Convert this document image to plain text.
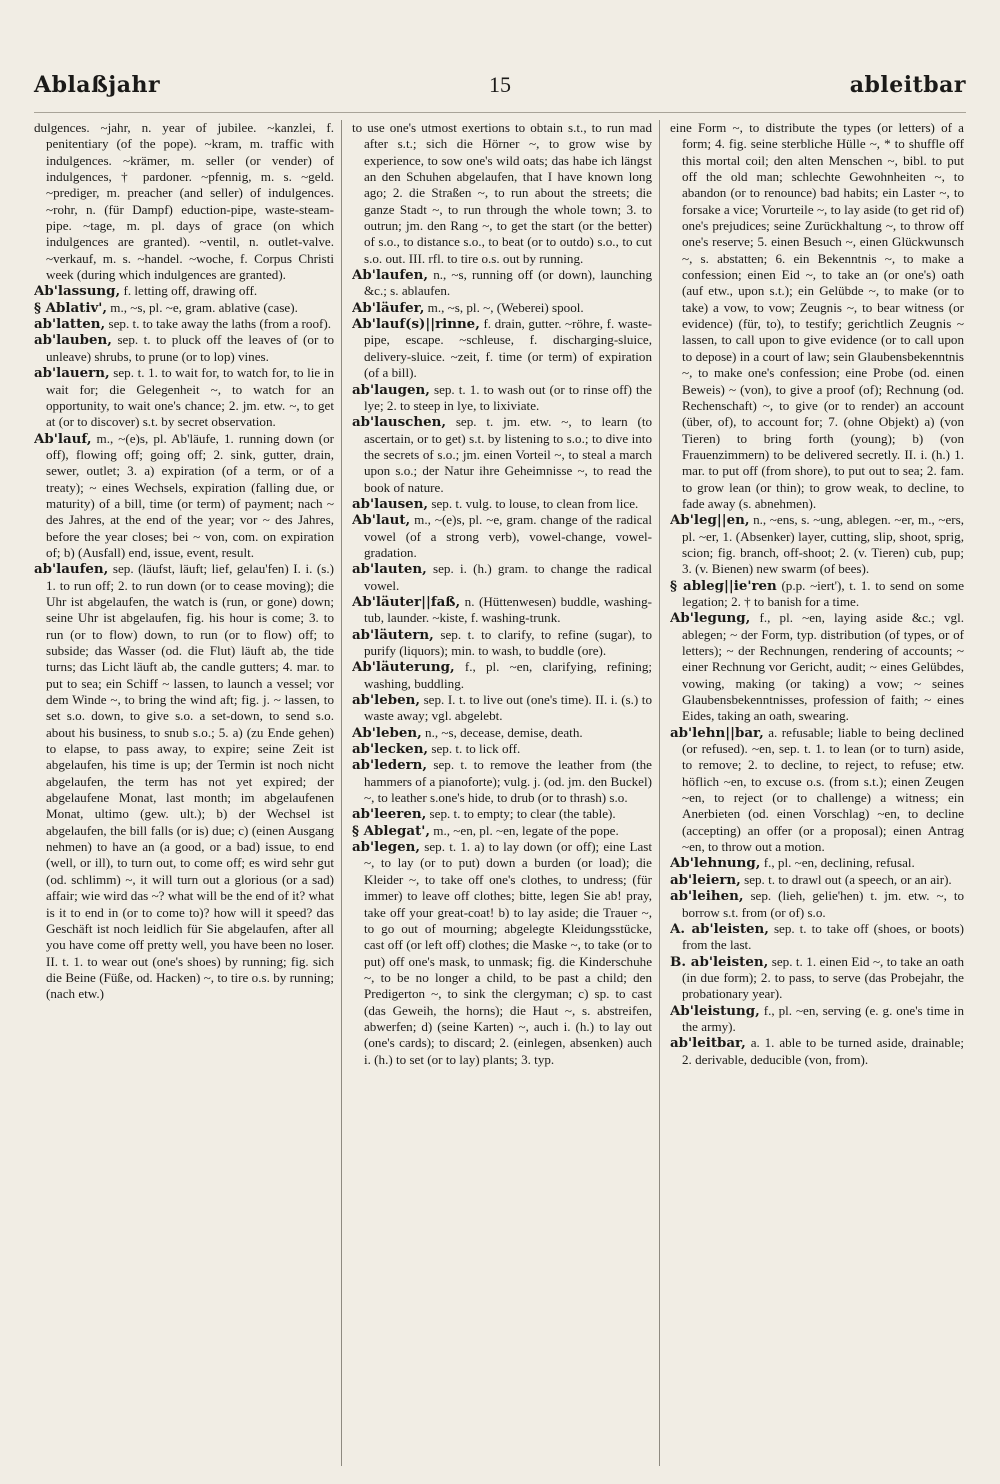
Ablaßjahr	15	ableitbar

dulgences. ~jahr, n. year of jubilee. ~kanzlei, f. penitentiary (of the pope). ~kram, m. traffic with indulgences. ~krämer, m. seller (or vender) of indulgences, † pardoner. ~pfennig, m. s. ~geld. ~prediger, m. preacher (and seller) of indulgences. ~rohr, n. (für Dampf) eduction-pipe, waste-steam-pipe. ~tage, m. pl. days of grace (on which indulgences are granted). ~ventil, n. outlet-valve. ~verkauf, m. s. ~handel. ~woche, f. Corpus Christi week (during which indulgences are granted).

Ab'lassung, f. letting off, drawing off.

§ Ablativ', m., ~s, pl. ~e, gram. ablative (case).

ab'latten, sep. t. to take away the laths (from a roof).

ab'lauben, sep. t. to pluck off the leaves of (or to unleave) shrubs, to prune (or to lop) vines.

ab'lauern, sep. t. 1. to wait for, to watch for, to lie in wait for; die Gelegenheit ~, to watch for an opportunity, to wait one's chance; 2. jm. etw. ~, to get at (or to discover) s.t. by secret observation.

Ab'lauf, m., ~(e)s, pl. Ab'läufe, 1. running down (or off), flowing off; going off; 2. sink, gutter, drain, sewer, outlet; 3. a) expiration (of a term, or of a treaty); ~ eines Wechsels, expiration (falling due, or maturity) of a bill, time (or term) of payment; nach ~ des Jahres, at the end of the year; vor ~ des Jahres, before the year closes; bei ~ von, com. on expiration of; b) (Ausfall) end, issue, event, result.

ab'laufen, sep. (läufst, läuft; lief, gelau'fen) I. i. (s.) 1. to run off; 2. to run down (or to cease moving); die Uhr ist abgelaufen, the watch is (run, or gone) down; seine Uhr ist abgelaufen, fig. his hour is come; 3. to run (or to flow) down, to run (or to flow) off; to subside; das Wasser (od. die Flut) läuft ab, the tide turns; das Licht läuft ab, the candle gutters; 4. mar. to put to sea; ein Schiff ~ lassen, to launch a vessel; vor dem Winde ~, to bring the wind aft; fig. j. ~ lassen, to set s.o. down, to give s.o. a set-down, to send s.o. about his business, to snub s.o.; 5. a) (zu Ende gehen) to elapse, to pass away, to expire; seine Zeit ist abgelaufen, his time is up; der Termin ist noch nicht abgelaufen, the term has not yet expired; der abgelaufene Monat, last month; im abgelaufenen Monat, ultimo (gew. ult.); b) der Wechsel ist abgelaufen, the bill falls (or is) due; c) (einen Ausgang nehmen) to have an (a good, or a bad) issue, to end (well, or ill), to turn out, to come off; es wird sehr gut (od. schlimm) ~, it will turn out a glorious (or a sad) affair; wie wird das ~? what will be the end of it? what is it to end in (or to come to)? how will it speed? das Geschäft ist noch leidlich für Sie abgelaufen, after all you have come off pretty well, you have been no loser. II. t. 1. to wear out (one's shoes) by running; fig. sich die Beine (Füße, od. Hacken) ~, to tire o.s. by running; (nach etw.)

to use one's utmost exertions to obtain s.t., to run mad after s.t.; sich die Hörner ~, to grow wise by experience, to sow one's wild oats; das habe ich längst an den Schuhen abgelaufen, that I have known long ago; 2. die Straßen ~, to run about the streets; die ganze Stadt ~, to run through the whole town; 3. to outrun; jm. den Rang ~, to get the start (or the better) of s.o., to distance s.o., to beat (or to outdo) s.o., to cut s.o. out. III. rfl. to tire o.s. out by running.

Ab'laufen, n., ~s, running off (or down), launching &c.; s. ablaufen.

Ab'läufer, m., ~s, pl. ~, (Weberei) spool.

Ab'lauf(s)||rinne, f. drain, gutter. ~röhre, f. waste-pipe, escape. ~schleuse, f. discharging-sluice, delivery-sluice. ~zeit, f. time (or term) of expiration (of a bill).

ab'laugen, sep. t. 1. to wash out (or to rinse off) the lye; 2. to steep in lye, to lixiviate.

ab'lauschen, sep. t. jm. etw. ~, to learn (to ascertain, or to get) s.t. by listening to s.o.; to dive into the secrets of s.o.; jm. einen Vorteil ~, to steal a march upon s.o.; der Natur ihre Geheimnisse ~, to read the book of nature.

ab'lausen, sep. t. vulg. to louse, to clean from lice.

Ab'laut, m., ~(e)s, pl. ~e, gram. change of the radical vowel (of a strong verb), vowel-change, vowel-gradation.

ab'lauten, sep. i. (h.) gram. to change the radical vowel.

Ab'läuter||faß, n. (Hüttenwesen) buddle, washing-tub, launder. ~kiste, f. washing-trunk.

ab'läutern, sep. t. to clarify, to refine (sugar), to purify (liquors); min. to wash, to buddle (ore).

Ab'läuterung, f., pl. ~en, clarifying, refining; washing, buddling.

ab'leben, sep. I. t. to live out (one's time). II. i. (s.) to waste away; vgl. abgelebt.

Ab'leben, n., ~s, decease, demise, death.

ab'lecken, sep. t. to lick off.

ab'ledern, sep. t. to remove the leather from (the hammers of a pianoforte); vulg. j. (od. jm. den Buckel) ~, to leather s.one's hide, to drub (or to thrash) s.o.

ab'leeren, sep. t. to empty; to clear (the table).

§ Ablegat', m., ~en, pl. ~en, legate of the pope.

ab'legen, sep. t. 1. a) to lay down (or off); eine Last ~, to lay (or to put) down a burden (or load); die Kleider ~, to take off one's clothes, to undress; (für immer) to leave off clothes; bitte, legen Sie ab! pray, take off your great-coat! b) to lay aside; die Trauer ~, to go out of mourning; abgelegte Kleidungsstücke, cast off (or left off) clothes; die Maske ~, to take (or to put) off one's mask, to unmask; fig. die Kinderschuhe ~, to be no longer a child, to be past a child; den Predigerton ~, to sink the clergyman; c) sp. to cast (das Geweih, the horns); die Haut ~, s. abstreifen, abwerfen; d) (seine Karten) ~, auch i. (h.) to lay out (one's cards); to discard; 2. (einlegen, absenken) auch i. (h.) to set (or to lay) plants; 3. typ.

eine Form ~, to distribute the types (or letters) of a form; 4. fig. seine sterbliche Hülle ~, * to shuffle off this mortal coil; den alten Menschen ~, bibl. to put off the old man; schlechte Gewohnheiten ~, to abandon (or to renounce) bad habits; ein Laster ~, to forsake a vice; Vorurteile ~, to lay aside (to get rid of) one's prejudices; seine Zurückhaltung ~, to throw off one's reserve; 5. einen Besuch ~, einen Glückwunsch ~, s. abstatten; 6. ein Bekenntnis ~, to make a confession; einen Eid ~, to take an (or one's) oath (auf etw., upon s.t.); ein Gelübde ~, to make (or to take) a vow, to vow; Zeugnis ~, to bear witness (or evidence) (für, to), to testify; gerichtlich Zeugnis ~ lassen, to call upon to give evidence (or to call upon to depose) in a court of law; sein Glaubensbekenntnis ~, to make one's confession; eine Probe (od. einen Beweis) ~ (von), to give a proof (of); Rechnung (od. Rechenschaft) ~, to give (or to render) an account (über, of), to account for; 7. (ohne Objekt) a) (von Tieren) to bring forth (young); b) (von Frauenzimmern) to be delivered secretly. II. i. (h.) 1. mar. to put off (from shore), to put out to sea; 2. fam. to grow lean (or thin); to grow weak, to decline, to fade away (s. abnehmen).

Ab'leg||en, n., ~ens, s. ~ung, ablegen. ~er, m., ~ers, pl. ~er, 1. (Absenker) layer, cutting, slip, shoot, sprig, scion; fig. branch, off-shoot; 2. (v. Tieren) cub, pup; 3. (v. Bienen) new swarm (of bees).

§ ableg||ie'ren (p.p. ~iert'), t. 1. to send on some legation; 2. † to banish for a time.

Ab'legung, f., pl. ~en, laying aside &c.; vgl. ablegen; ~ der Form, typ. distribution (of types, or of letters); ~ der Rechnungen, rendering of accounts; ~ einer Rechnung vor Gericht, audit; ~ eines Gelübdes, vowing, making (or taking) a vow; ~ seines Glaubensbekenntnisses, profession of faith; ~ eines Eides, taking an oath, swearing.

ab'lehn||bar, a. refusable; liable to being declined (or refused). ~en, sep. t. 1. to lean (or to turn) aside, to remove; 2. to decline, to reject, to refuse; etw. höflich ~en, to excuse o.s. (from s.t.); einen Zeugen ~en, to reject (or to challenge) a witness; ein Anerbieten (od. einen Vorschlag) ~en, to decline (accepting) an offer (or a proposal); einen Antrag ~en, to throw out a motion.

Ab'lehnung, f., pl. ~en, declining, refusal.

ab'leiern, sep. t. to drawl out (a speech, or an air).

ab'leihen, sep. (lieh, gelie'hen) t. jm. etw. ~, to borrow s.t. from (or of) s.o.

A. ab'leisten, sep. t. to take off (shoes, or boots) from the last.

B. ab'leisten, sep. t. 1. einen Eid ~, to take an oath (in due form); 2. to pass, to serve (das Probejahr, the probationary year).

Ab'leistung, f., pl. ~en, serving (e. g. one's time in the army).

ab'leitbar, a. 1. able to be turned aside, drainable; 2. derivable, deducible (von, from).
